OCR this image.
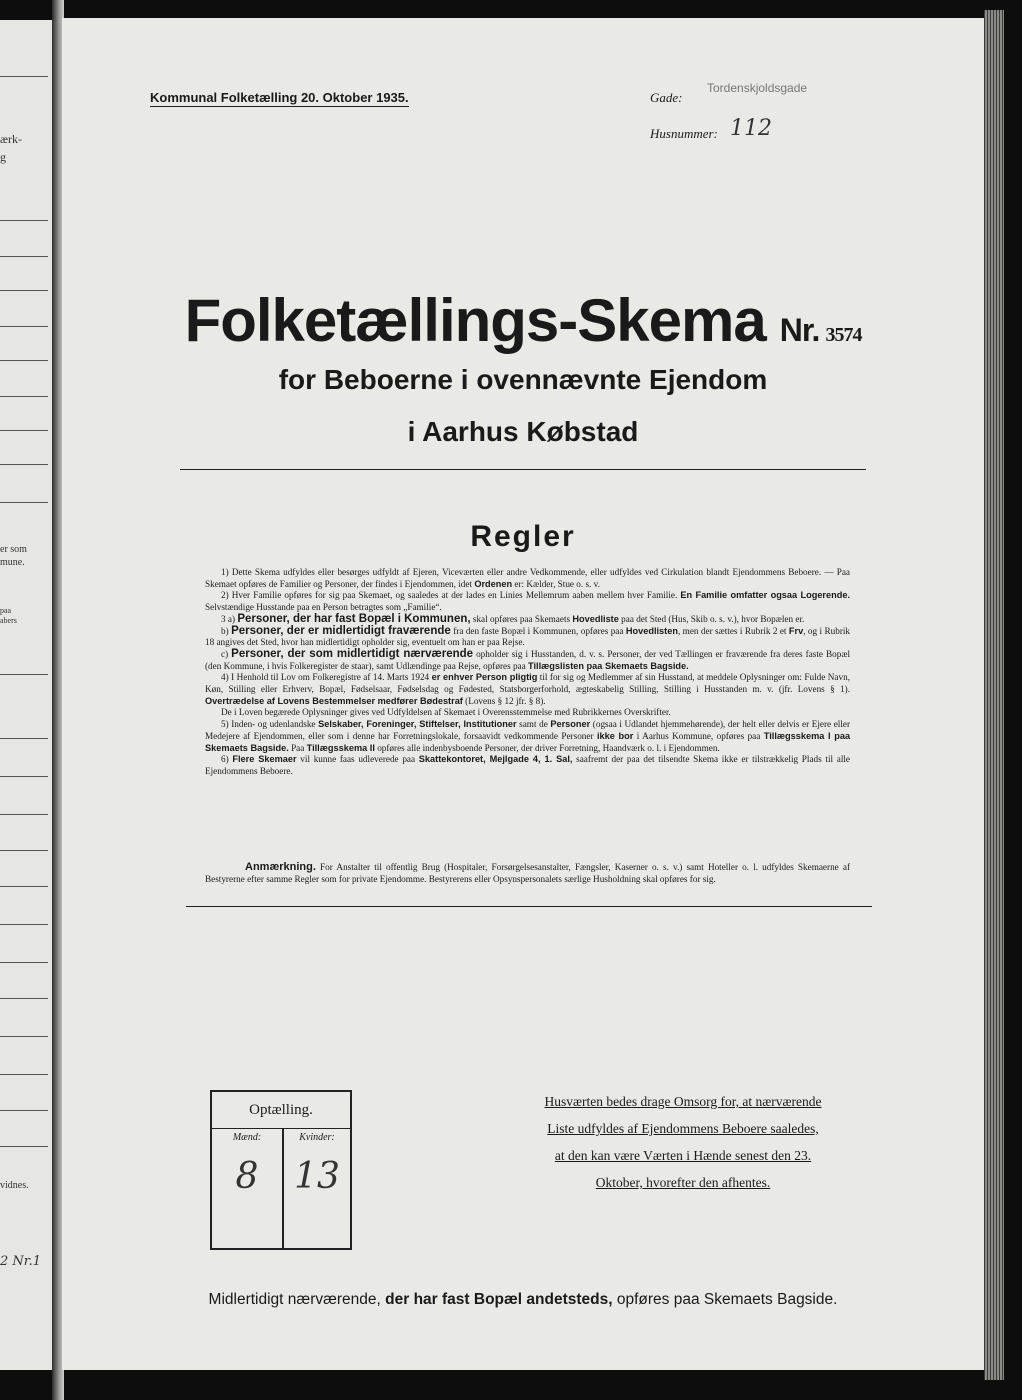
ærk-
g
er som
mune.
paa
abers
vidnes.
2 Nr.1
Kommunal Folketælling 20. Oktober 1935.	Gade:
Tordenskjoldsgade
Husnummer: 112
Folketællings-Skema Nr. 3574
for Beboerne i ovennævnte Ejendom
i Aarhus Købstad
Regler

1) Dette Skema udfyldes eller besørges udfyldt af Ejeren, Viceværten eller andre Vedkommende, eller udfyldes ved Cirkulation blandt Ejendommens Beboere. — Paa Skemaet opføres de Familier og Personer, der findes i Ejendommen, idet Ordenen er: Kælder, Stue o. s. v.

2) Hver Familie opføres for sig paa Skemaet, og saaledes at der lades en Linies Mellemrum aaben mellem hver Familie. En Familie omfatter ogsaa Logerende. Selvstændige Husstande paa en Person betragtes som „Familie“.

3 a) Personer, der har fast Bopæl i Kommunen, skal opføres paa Skemaets Hovedliste paa det Sted (Hus, Skib o. s. v.), hvor Bopælen er.

b) Personer, der er midlertidigt fraværende fra den faste Bopæl i Kommunen, opføres paa Hovedlisten, men der sættes i Rubrik 2 et Frv, og i Rubrik 18 angives det Sted, hvor han midlertidigt opholder sig, eventuelt om han er paa Rejse.

c) Personer, der som midlertidigt nærværende opholder sig i Husstanden, d. v. s. Personer, der ved Tællingen er fraværende fra deres faste Bopæl (den Kommune, i hvis Folkeregister de staar), samt Udlændinge paa Rejse, opføres paa Tillægslisten paa Skemaets Bagside.

4) I Henhold til Lov om Folkeregistre af 14. Marts 1924 er enhver Person pligtig til for sig og Medlemmer af sin Husstand, at meddele Oplysninger om: Fulde Navn, Køn, Stilling eller Erhverv, Bopæl, Fødselsaar, Fødselsdag og Fødested, Statsborgerforhold, ægteskabelig Stilling, Stilling i Husstanden m. v. (jfr. Lovens § 1). Overtrædelse af Lovens Bestemmelser medfører Bødestraf (Lovens § 12 jfr. § 8).

De i Loven begærede Oplysninger gives ved Udfyldelsen af Skemaet i Overensstemmelse med Rubrikkernes Overskrifter.

5) Inden- og udenlandske Selskaber, Foreninger, Stiftelser, Institutioner samt de Personer (ogsaa i Udlandet hjemmehørende), der helt eller delvis er Ejere eller Medejere af Ejendommen, eller som i denne har Forretningslokale, forsaavidt vedkommende Personer ikke bor i Aarhus Kommune, opføres paa Tillægsskema I paa Skemaets Bagside. Paa Tillægsskema II opføres alle indenbysboende Personer, der driver Forretning, Haandværk o. l. i Ejendommen.

6) Flere Skemaer vil kunne faas udleverede paa Skattekontoret, Mejlgade 4, 1. Sal, saafremt der paa det tilsendte Skema ikke er tilstrækkelig Plads til alle Ejendommens Beboere.

Anmærkning. For Anstalter til offentlig Brug (Hospitaler, Forsørgelsesanstalter, Fængsler, Kaserner o. s. v.) samt Hoteller o. l. udfyldes Skemaerne af Bestyrerne efter samme Regler som for private Ejendomme. Bestyrerens eller Opsynspersonalets særlige Husholdning skal opføres for sig.
Optælling.
Mænd:	Kvinder:
8 13
Husværten bedes drage Omsorg for, at nærværende
Liste udfyldes af Ejendommens Beboere saaledes,
at den kan være Værten i Hænde senest den 23.
Oktober, hvorefter den afhentes.
Midlertidigt nærværende, der har fast Bopæl andetsteds, opføres paa Skemaets Bagside.
